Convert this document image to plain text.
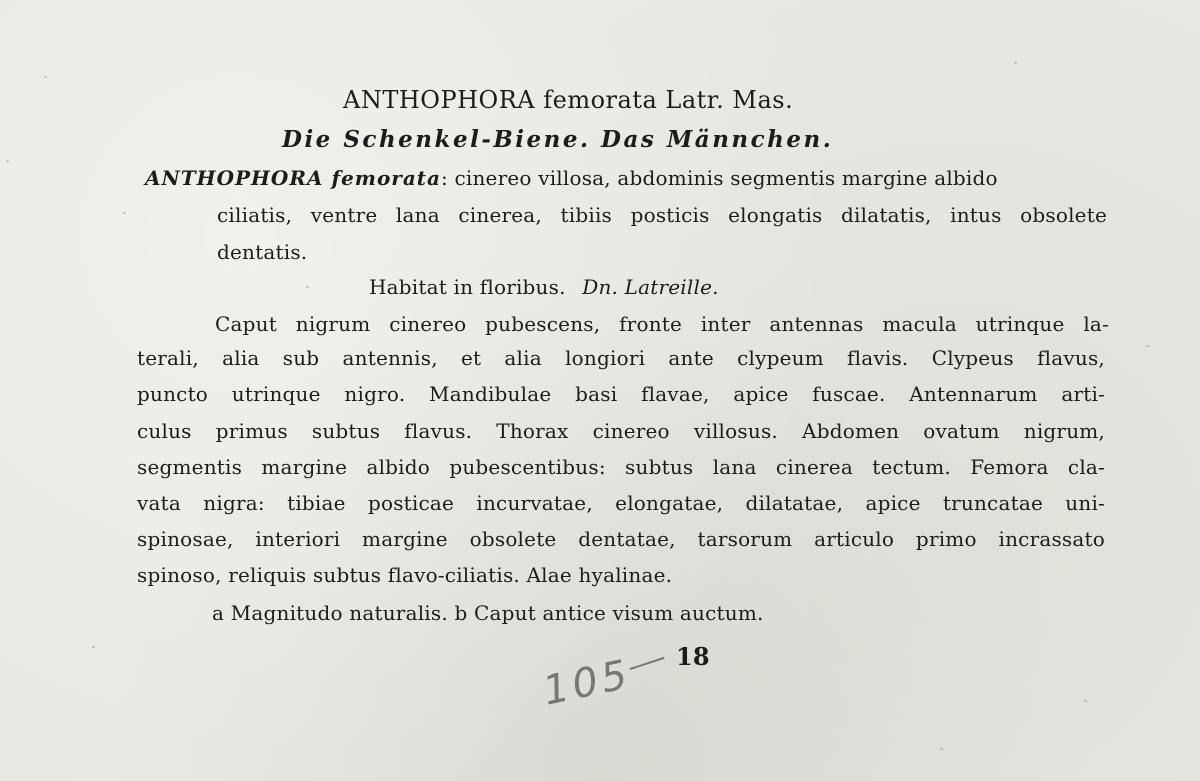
ANTHOPHORA femorata Latr. Mas.
Die Schenkel-Biene. Das Männchen.
ANTHOPHORA femorata: cinereo villosa, abdominis segmentis margine albido
ciliatis, ventre lana cinerea, tibiis posticis elongatis dilatatis, intus obsolete
dentatis.
Habitat in floribus. Dn. Latreille.
Caput nigrum cinereo pubescens, fronte inter antennas macula utrinque la-
terali, alia sub antennis, et alia longiori ante clypeum flavis. Clypeus flavus,
puncto utrinque nigro. Mandibulae basi flavae, apice fuscae. Antennarum arti-
culus primus subtus flavus. Thorax cinereo villosus. Abdomen ovatum nigrum,
segmentis margine albido pubescentibus: subtus lana cinerea tectum. Femora cla-
vata nigra: tibiae posticae incurvatae, elongatae, dilatatae, apice truncatae uni-
spinosae, interiori margine obsolete dentatae, tarsorum articulo primo incrassato
spinoso, reliquis subtus flavo-ciliatis. Alae hyalinae.
a Magnitudo naturalis. b Caput antice visum auctum.
18
105
